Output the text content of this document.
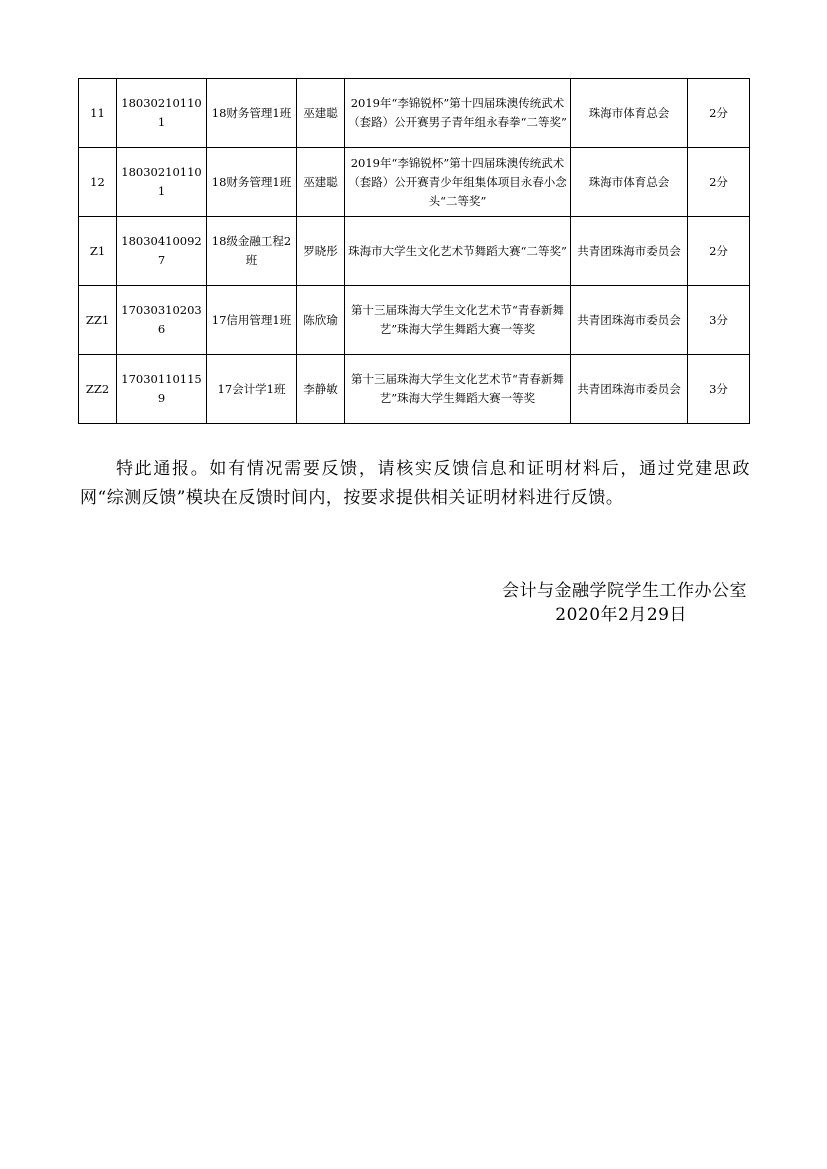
11	180302101101	18财务管理1班	巫建聪	2019年“李锦锐杯”第十四届珠澳传统武术（套路）公开赛男子青年组永春拳“二等奖”	珠海市体育总会	2分
12	180302101101	18财务管理1班	巫建聪	2019年“李锦锐杯”第十四届珠澳传统武术（套路）公开赛青少年组集体项目永春小念头“二等奖”	珠海市体育总会	2分
Z1	180304100927	18级金融工程2班	罗晓彤	珠海市大学生文化艺术节舞蹈大赛“二等奖”	共青团珠海市委员会	2分
ZZ1	170303102036	17信用管理1班	陈欣瑜	第十三届珠海大学生文化艺术节“青春新舞艺”珠海大学生舞蹈大赛一等奖	共青团珠海市委员会	3分
ZZ2	170301101159	17会计学1班	李静敏	第十三届珠海大学生文化艺术节“青春新舞艺”珠海大学生舞蹈大赛一等奖	共青团珠海市委员会	3分

特此通报。如有情况需要反馈，请核实反馈信息和证明材料后，通过党建思政网“综测反馈”模块在反馈时间内，按要求提供相关证明材料进行反馈。

会计与金融学院学生工作办公室
2020年2月29日
